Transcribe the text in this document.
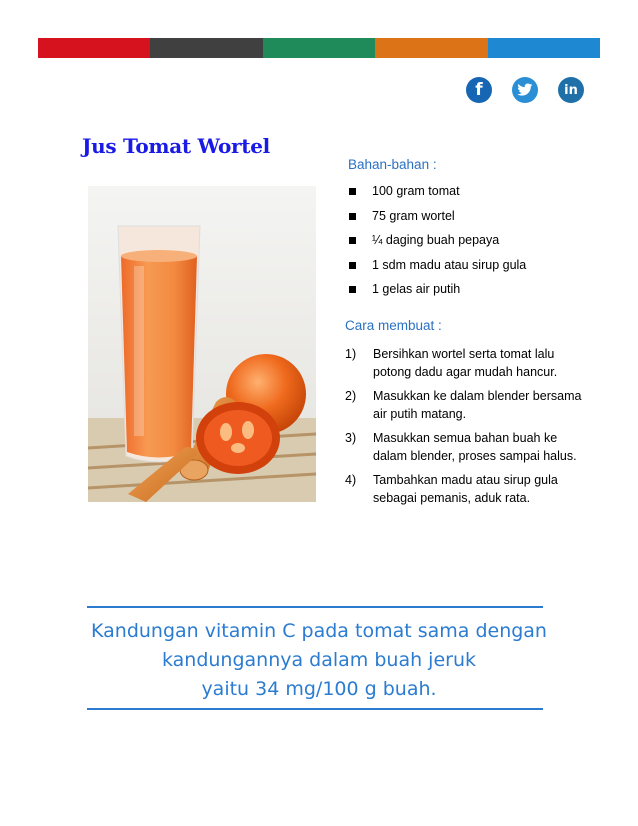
f	in
Jus Tomat Wortel
Bahan-bahan :
100 gram tomat
75 gram wortel
¼ daging buah pepaya
1 sdm madu atau sirup gula
1 gelas air putih
Cara membuat :
1)	Bersihkan wortel serta tomat lalu potong dadu agar mudah hancur.
2)	Masukkan ke dalam blender bersama air putih matang.
3)	Masukkan semua bahan buah ke dalam blender, proses sampai halus.
4)	Tambahkan madu atau sirup gula sebagai pemanis, aduk rata.
Kandungan vitamin C pada tomat sama dengan
kandungannya dalam buah jeruk
yaitu 34 mg/100 g buah.
